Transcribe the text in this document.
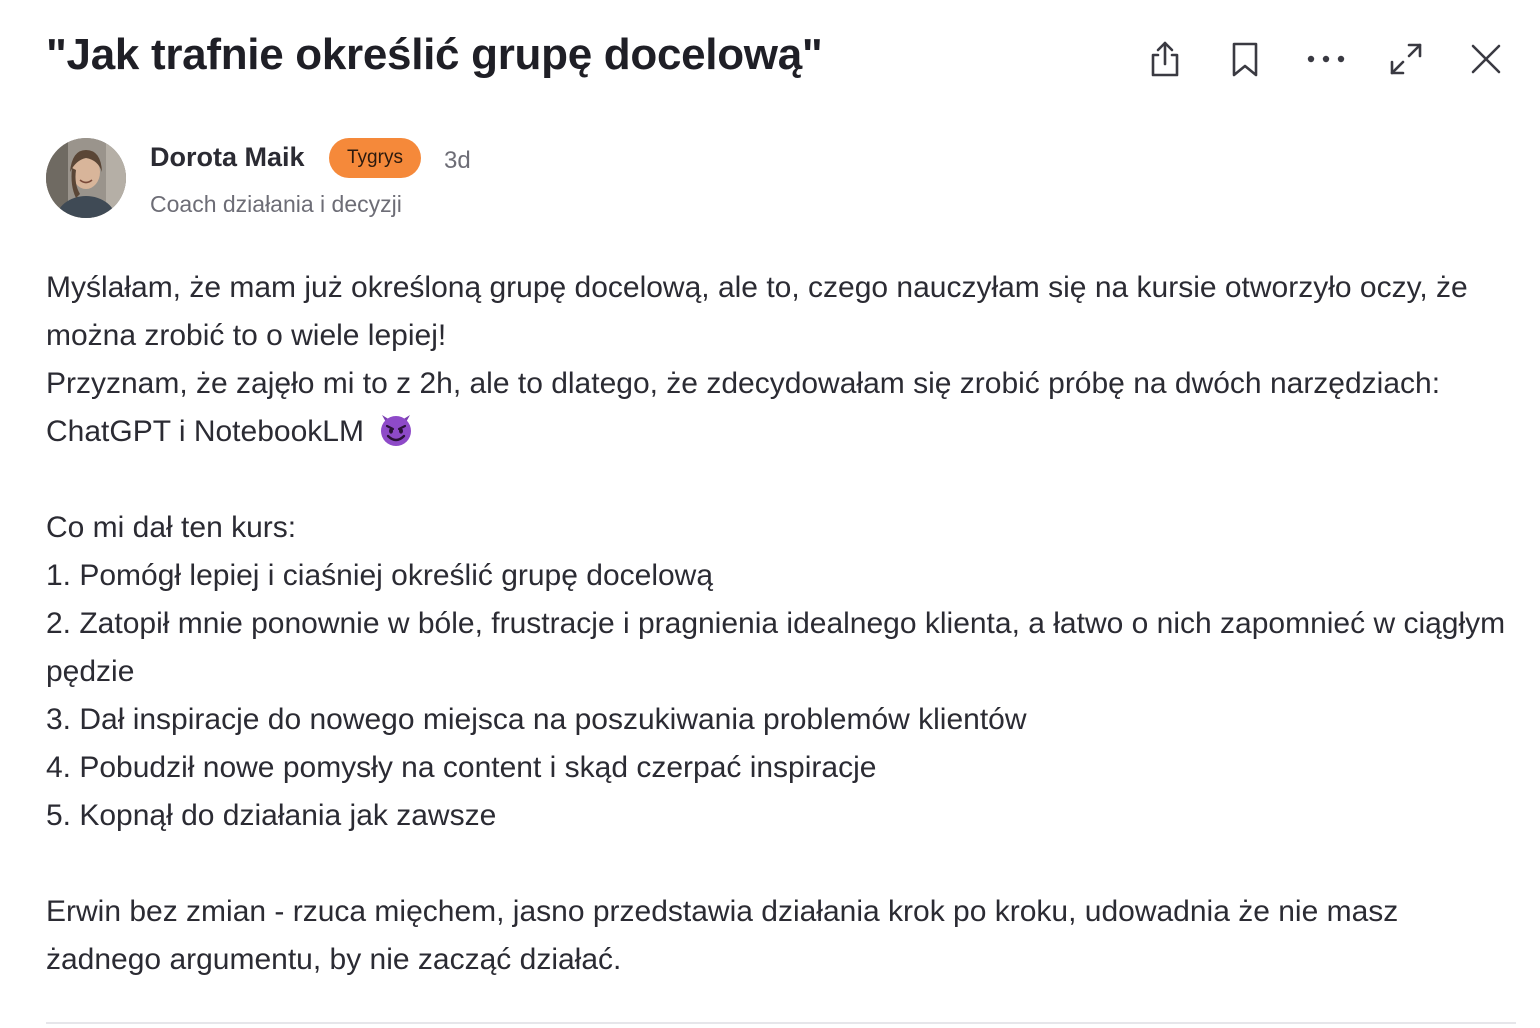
"Jak trafnie określić grupę docelową"
Dorota Maik	Tygrys	3d
Coach działania i decyzji

Myślałam, że mam już określoną grupę docelową, ale to, czego nauczyłam się na kursie otworzyło oczy, że można zrobić to o wiele lepiej!

Przyznam, że zajęło mi to z 2h, ale to dlatego, że zdecydowałam się zrobić próbę na dwóch narzędziach: ChatGPT i NotebookLM

Co mi dał ten kurs:

1. Pomógł lepiej i ciaśniej określić grupę docelową

2. Zatopił mnie ponownie w bóle, frustracje i pragnienia idealnego klienta, a łatwo o nich zapomnieć w ciągłym pędzie

3. Dał inspiracje do nowego miejsca na poszukiwania problemów klientów

4. Pobudził nowe pomysły na content i skąd czerpać inspiracje

5. Kopnął do działania jak zawsze

Erwin bez zmian - rzuca mięchem, jasno przedstawia działania krok po kroku, udowadnia że nie masz żadnego argumentu, by nie zacząć działać.
